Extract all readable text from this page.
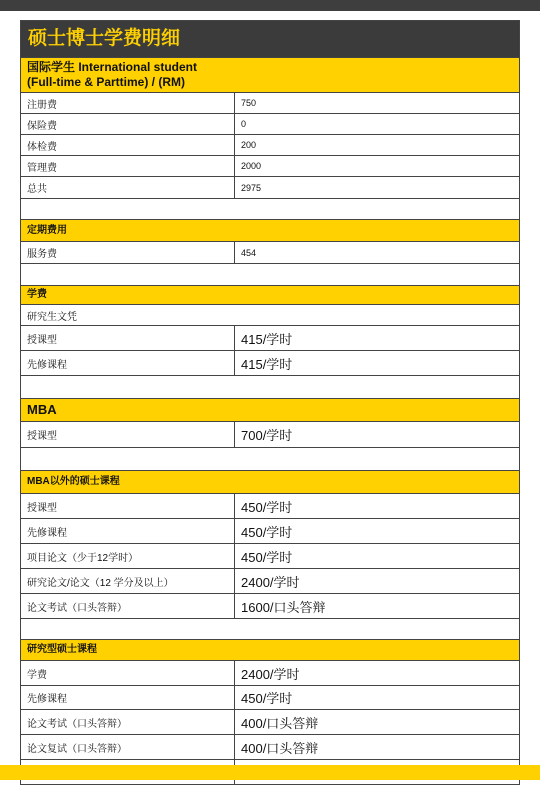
硕士博士学费明细
国际学生 International student
(Full-time & Parttime) / (RM)
注册费	750
保险费	0
体检费	200
管理费	2000
总共	2975
定期费用
服务费	454
学费
研究生文凭
授课型	415/学时
先修课程	415/学时
MBA
授课型	700/学时
MBA以外的硕士课程
授课型	450/学时
先修课程	450/学时
项目论文（少于12学时）	450/学时
研究论文/论文（12 学分及以上）	2400/学时
论文考试（口头答辩）	1600/口头答辩
研究型硕士课程
学费	2400/学时
先修课程	450/学时
论文考试（口头答辩）	400/口头答辩
论文复试（口头答辩）	400/口头答辩
